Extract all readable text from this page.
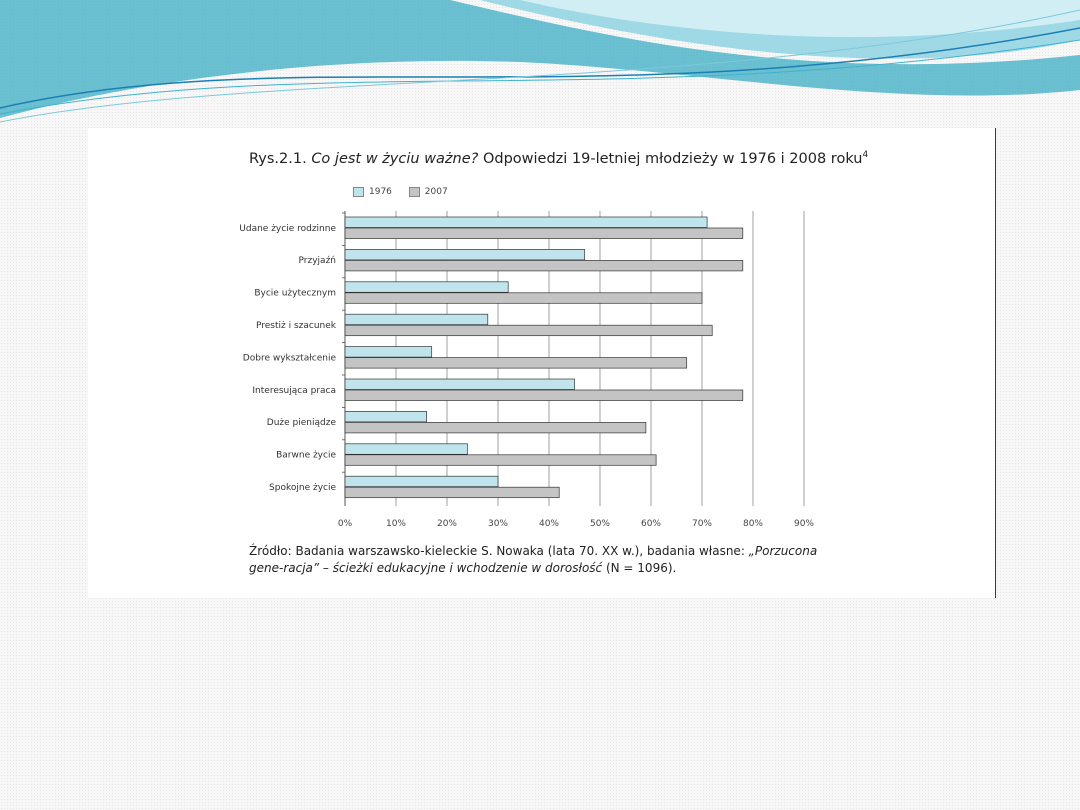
Rys.2.1. Co jest w życiu ważne? Odpowiedzi 19-letniej młodzieży w 1976 i 2008 roku$^4$
1976
	2007
Udane życie rodzinne
Przyjaźń
Bycie użytecznym
Prestiż i szacunek
Dobre wykształcenie
Interesująca praca
Duże pieniądze
Barwne życie
Spokojne życie
0%	10%	20%	30%	40%	50%	60%	70%	80%	90%
Źródło: Badania warszawsko-kieleckie S. Nowaka (lata 70. XX w.), badania własne: „Porzucona gene-racja” – ścieżki edukacyjne i wchodzenie w dorosłość (N = 1096).
